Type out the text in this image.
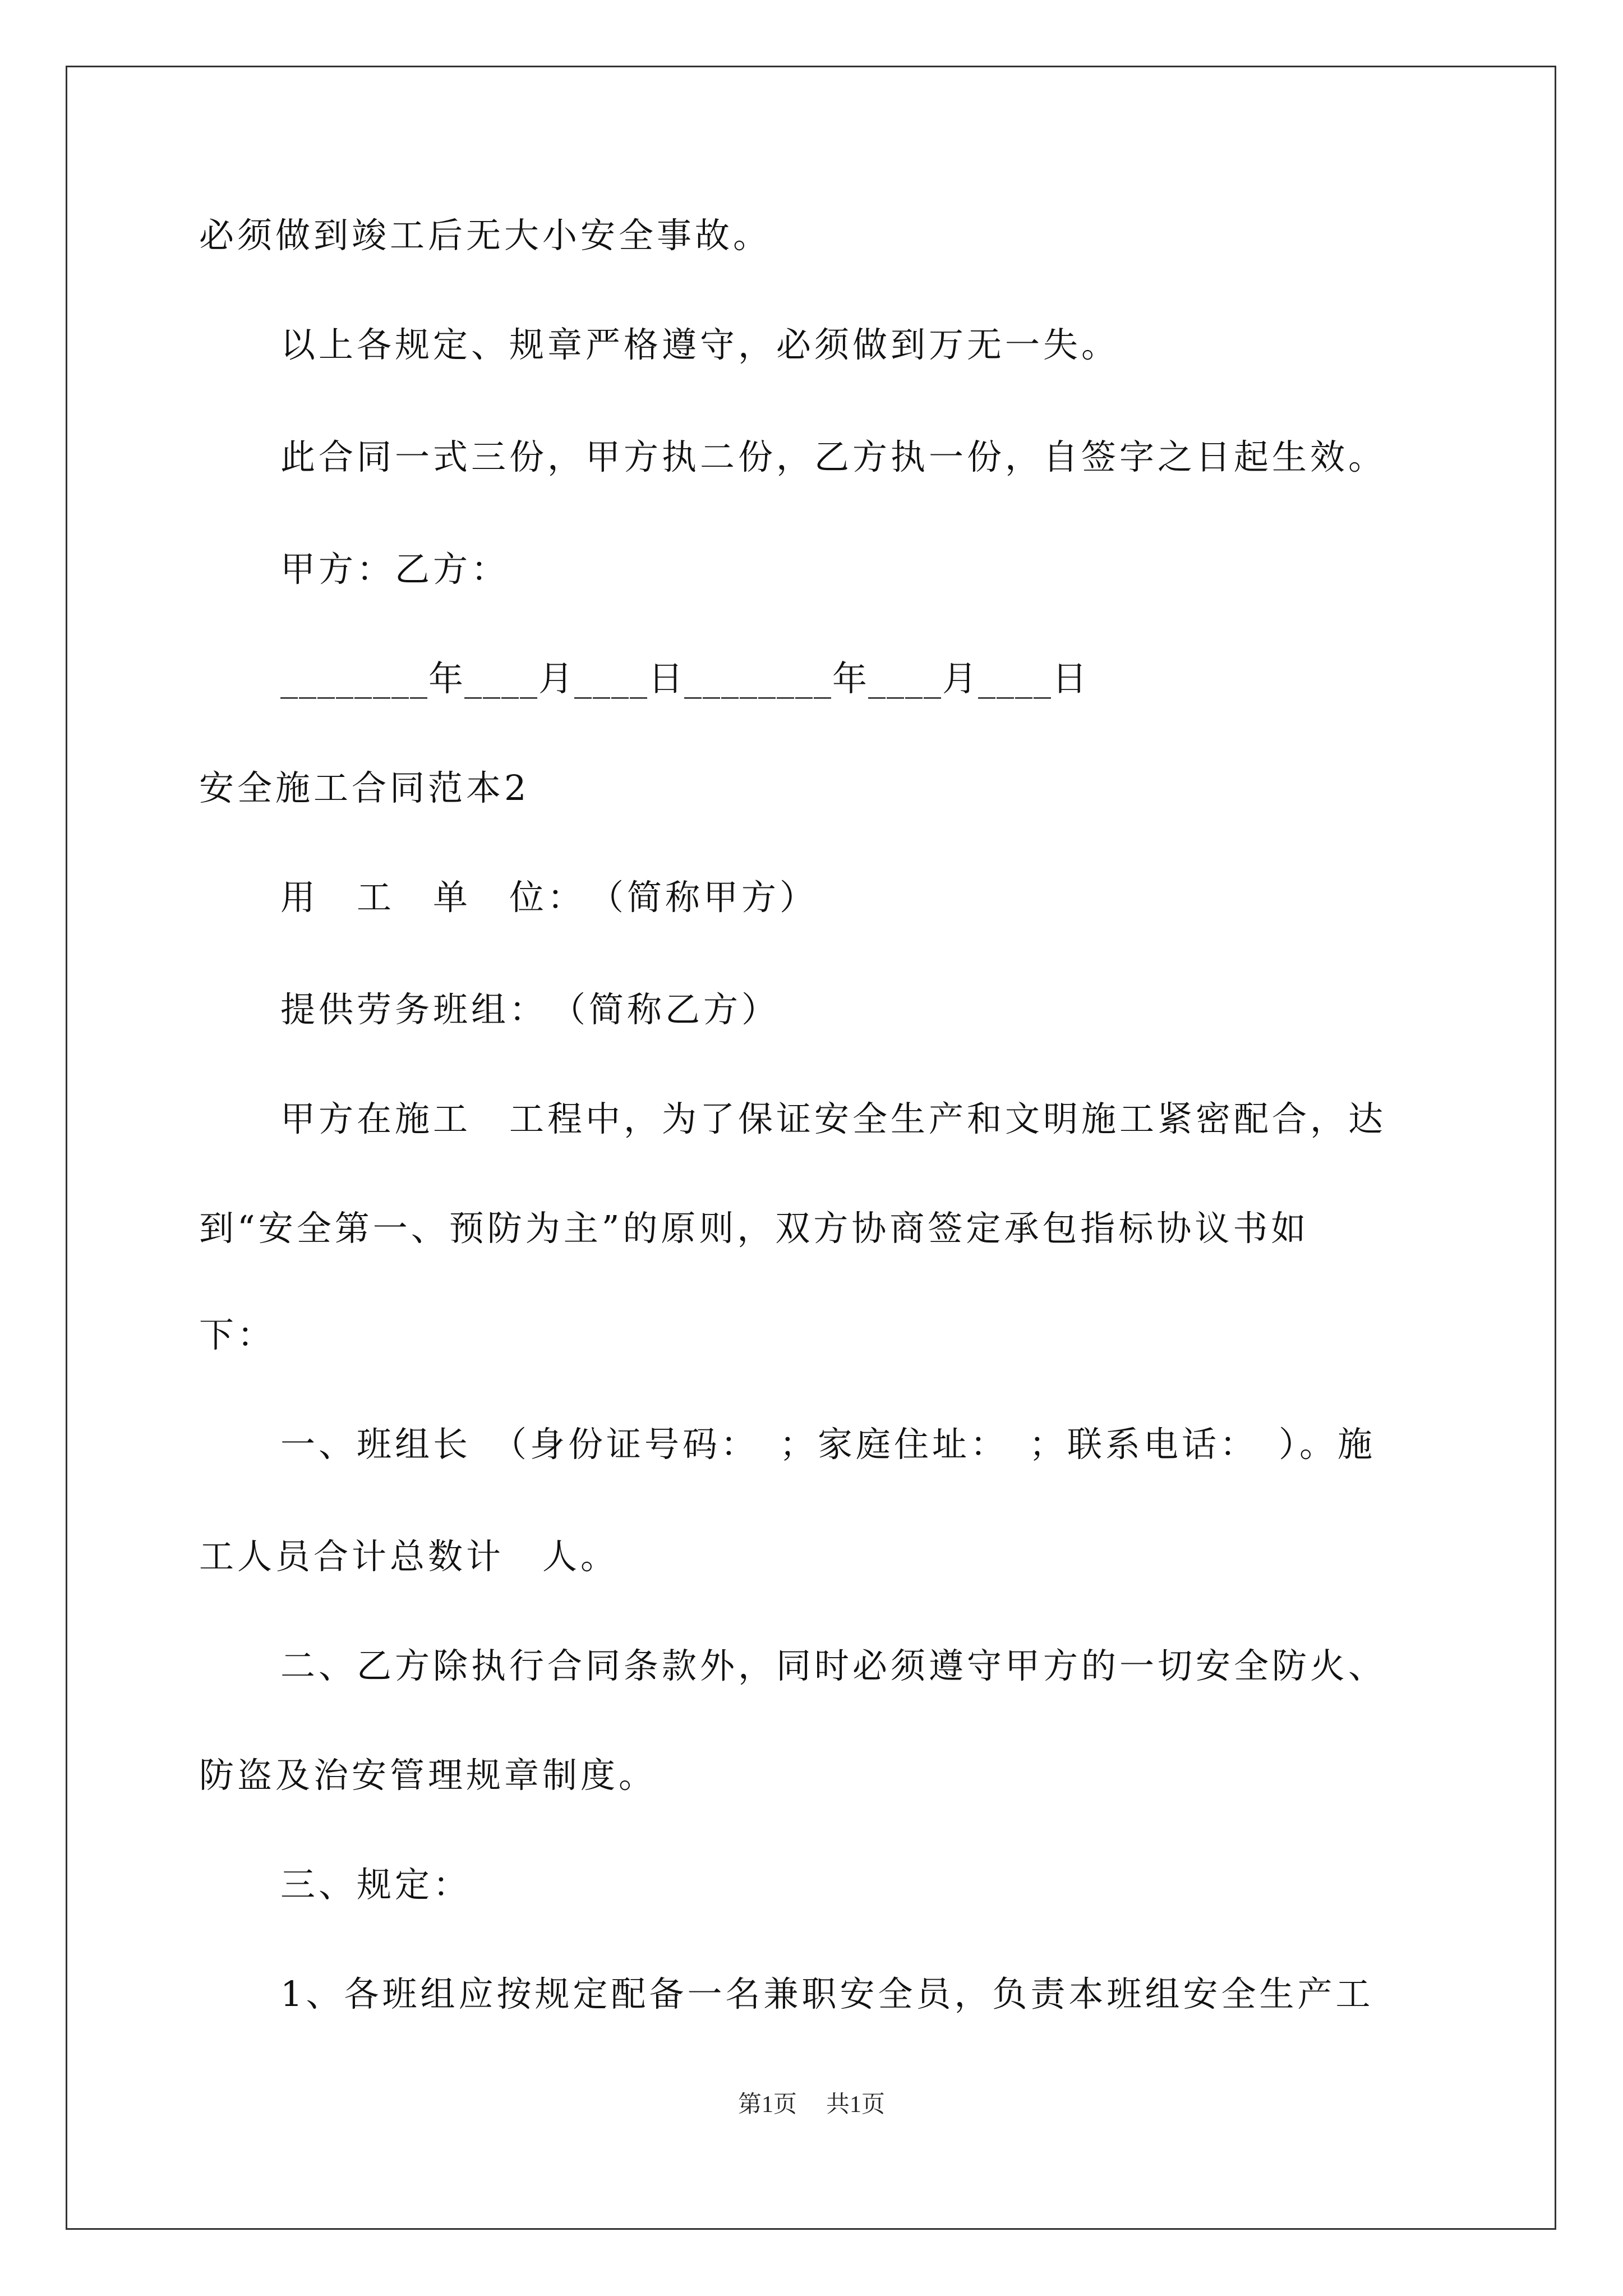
必须做到竣工后无大小安全事故。
以上各规定、规章严格遵守，必须做到万无一失。
此合同一式三份，甲方执二份，乙方执一份，自签字之日起生效。
甲方：乙方：
________年____月____日________年____月____日
安全施工合同范本2
用　工　单　位：　（简称甲方）
提供劳务班组：　（简称乙方）
甲方在施工　工程中，为了保证安全生产和文明施工紧密配合，达
到“安全第一、预防为主”的原则，双方协商签定承包指标协议书如
下：
一、班组长　（身份证号码：　；家庭住址：　；联系电话：　）。施
工人员合计总数计　人。
二、乙方除执行合同条款外，同时必须遵守甲方的一切安全防火、
防盗及治安管理规章制度。
三、规定：
1、各班组应按规定配备一名兼职安全员，负责本班组安全生产工
第1页 共1页
